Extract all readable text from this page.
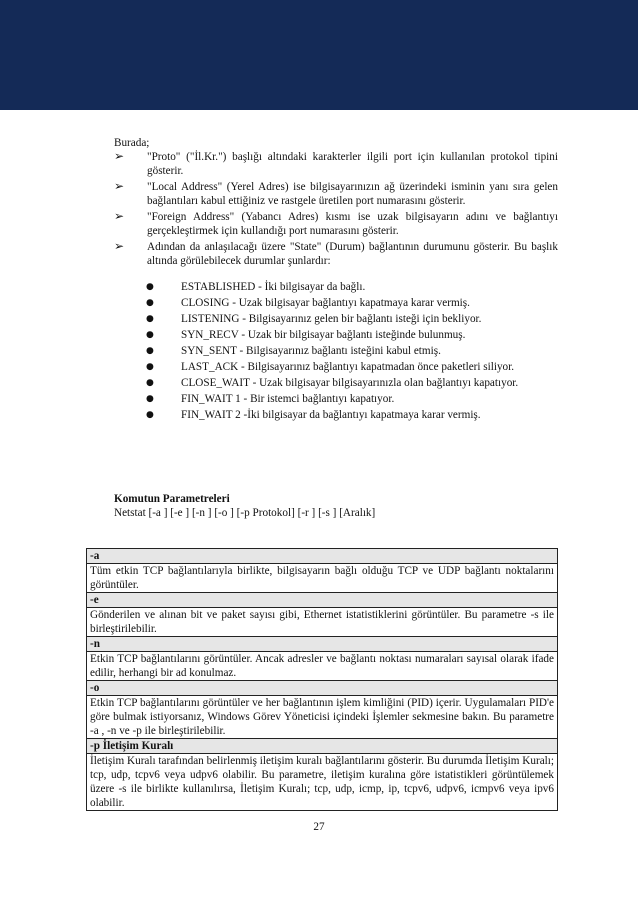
Burada;

➢ "Proto" ("İl.Kr.") başlığı altındaki karakterler ilgili port için kullanılan protokol tipini gösterir.
➢ "Local Address" (Yerel Adres) ise bilgisayarınızın ağ üzerindeki isminin yanı sıra gelen bağlantıları kabul ettiğiniz ve rastgele üretilen port numarasını gösterir.
➢ "Foreign Address" (Yabancı Adres) kısmı ise uzak bilgisayarın adını ve bağlantıyı gerçekleştirmek için kullandığı port numarasını gösterir.
➢ Adından da anlaşılacağı üzere "State" (Durum) bağlantının durumunu gösterir. Bu başlık altında görülebilecek durumlar şunlardır:
● ESTABLISHED - İki bilgisayar da bağlı.
● CLOSING - Uzak bilgisayar bağlantıyı kapatmaya karar vermiş.
● LISTENING - Bilgisayarınız gelen bir bağlantı isteği için bekliyor.
● SYN_RECV - Uzak bir bilgisayar bağlantı isteğinde bulunmuş.
● SYN_SENT - Bilgisayarınız bağlantı isteğini kabul etmiş.
● LAST_ACK - Bilgisayarınız bağlantıyı kapatmadan önce paketleri siliyor.
● CLOSE_WAIT - Uzak bilgisayar bilgisayarınızla olan bağlantıyı kapatıyor.
● FIN_WAIT 1 - Bir istemci bağlantıyı kapatıyor.
● FIN_WAIT 2 -İki bilgisayar da bağlantıyı kapatmaya karar vermiş.
Komutun Parametreleri
Netstat [-a ] [-e ] [-n ] [-o ] [-p Protokol] [-r ] [-s ] [Aralık]
-a
Tüm etkin TCP bağlantılarıyla birlikte, bilgisayarın bağlı olduğu TCP ve UDP bağlantı noktalarını görüntüler.
-e
Gönderilen ve alınan bit ve paket sayısı gibi, Ethernet istatistiklerini görüntüler. Bu parametre -s ile birleştirilebilir.
-n
Etkin TCP bağlantılarını görüntüler. Ancak adresler ve bağlantı noktası numaraları sayısal olarak ifade edilir, herhangi bir ad konulmaz.
-o
Etkin TCP bağlantılarını görüntüler ve her bağlantının işlem kimliğini (PID) içerir. Uygulamaları PID'e göre bulmak istiyorsanız, Windows Görev Yöneticisi içindeki İşlemler sekmesine bakın. Bu parametre -a , -n ve -p ile birleştirilebilir.
-p İletişim Kuralı
İletişim Kuralı tarafından belirlenmiş iletişim kuralı bağlantılarını gösterir. Bu durumda İletişim Kuralı; tcp, udp, tcpv6 veya udpv6 olabilir. Bu parametre, iletişim kuralına göre istatistikleri görüntülemek üzere -s ile birlikte kullanılırsa, İletişim Kuralı; tcp, udp, icmp, ip, tcpv6, udpv6, icmpv6 veya ipv6 olabilir.
27
